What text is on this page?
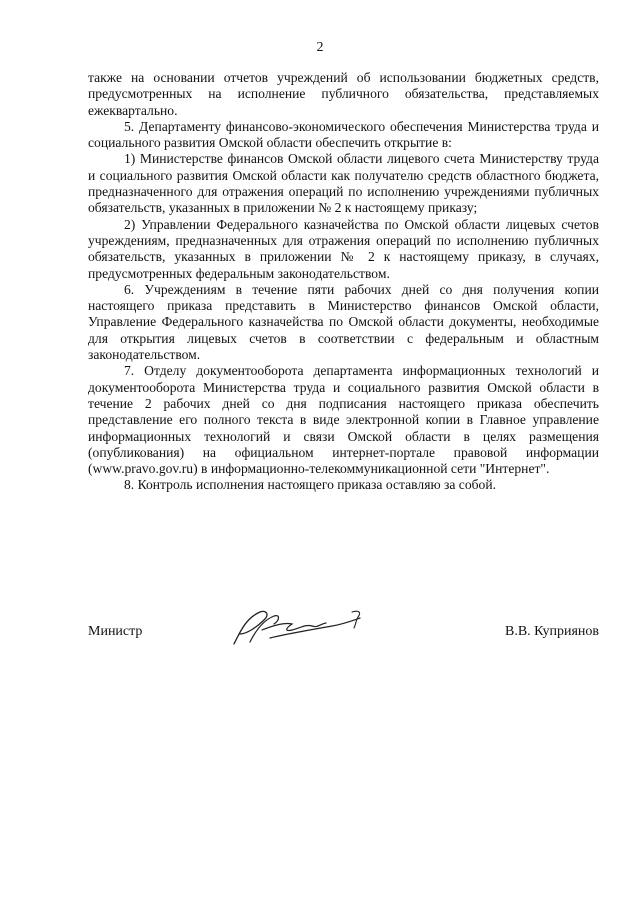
2

также на основании отчетов учреждений об использовании бюджетных средств, предусмотренных на исполнение публичного обязательства, представляемых ежеквартально.

5. Департаменту финансово-экономического обеспечения Министерства труда и социального развития Омской области обеспечить открытие в:

1) Министерстве финансов Омской области лицевого счета Министерству труда и социального развития Омской области как получателю средств областного бюджета, предназначенного для отражения операций по исполнению учреждениями публичных обязательств, указанных в приложении № 2 к настоящему приказу;

2) Управлении Федерального казначейства по Омской области лицевых счетов учреждениям, предназначенных для отражения операций по исполнению публичных обязательств, указанных в приложении № 2 к настоящему приказу, в случаях, предусмотренных федеральным законодательством.

6. Учреждениям в течение пяти рабочих дней со дня получения копии настоящего приказа представить в Министерство финансов Омской области, Управление Федерального казначейства по Омской области документы, необходимые для открытия лицевых счетов в соответствии с федеральным и областным законодательством.

7. Отделу документооборота департамента информационных технологий и документооборота Министерства труда и социального развития Омской области в течение 2 рабочих дней со дня подписания настоящего приказа обеспечить представление его полного текста в виде электронной копии в Главное управление информационных технологий и связи Омской области в целях размещения (опубликования) на официальном интернет-портале правовой информации (www.pravo.gov.ru) в информационно-телекоммуникационной сети "Интернет".

8. Контроль исполнения настоящего приказа оставляю за собой.

Министр	В.В. Куприянов
